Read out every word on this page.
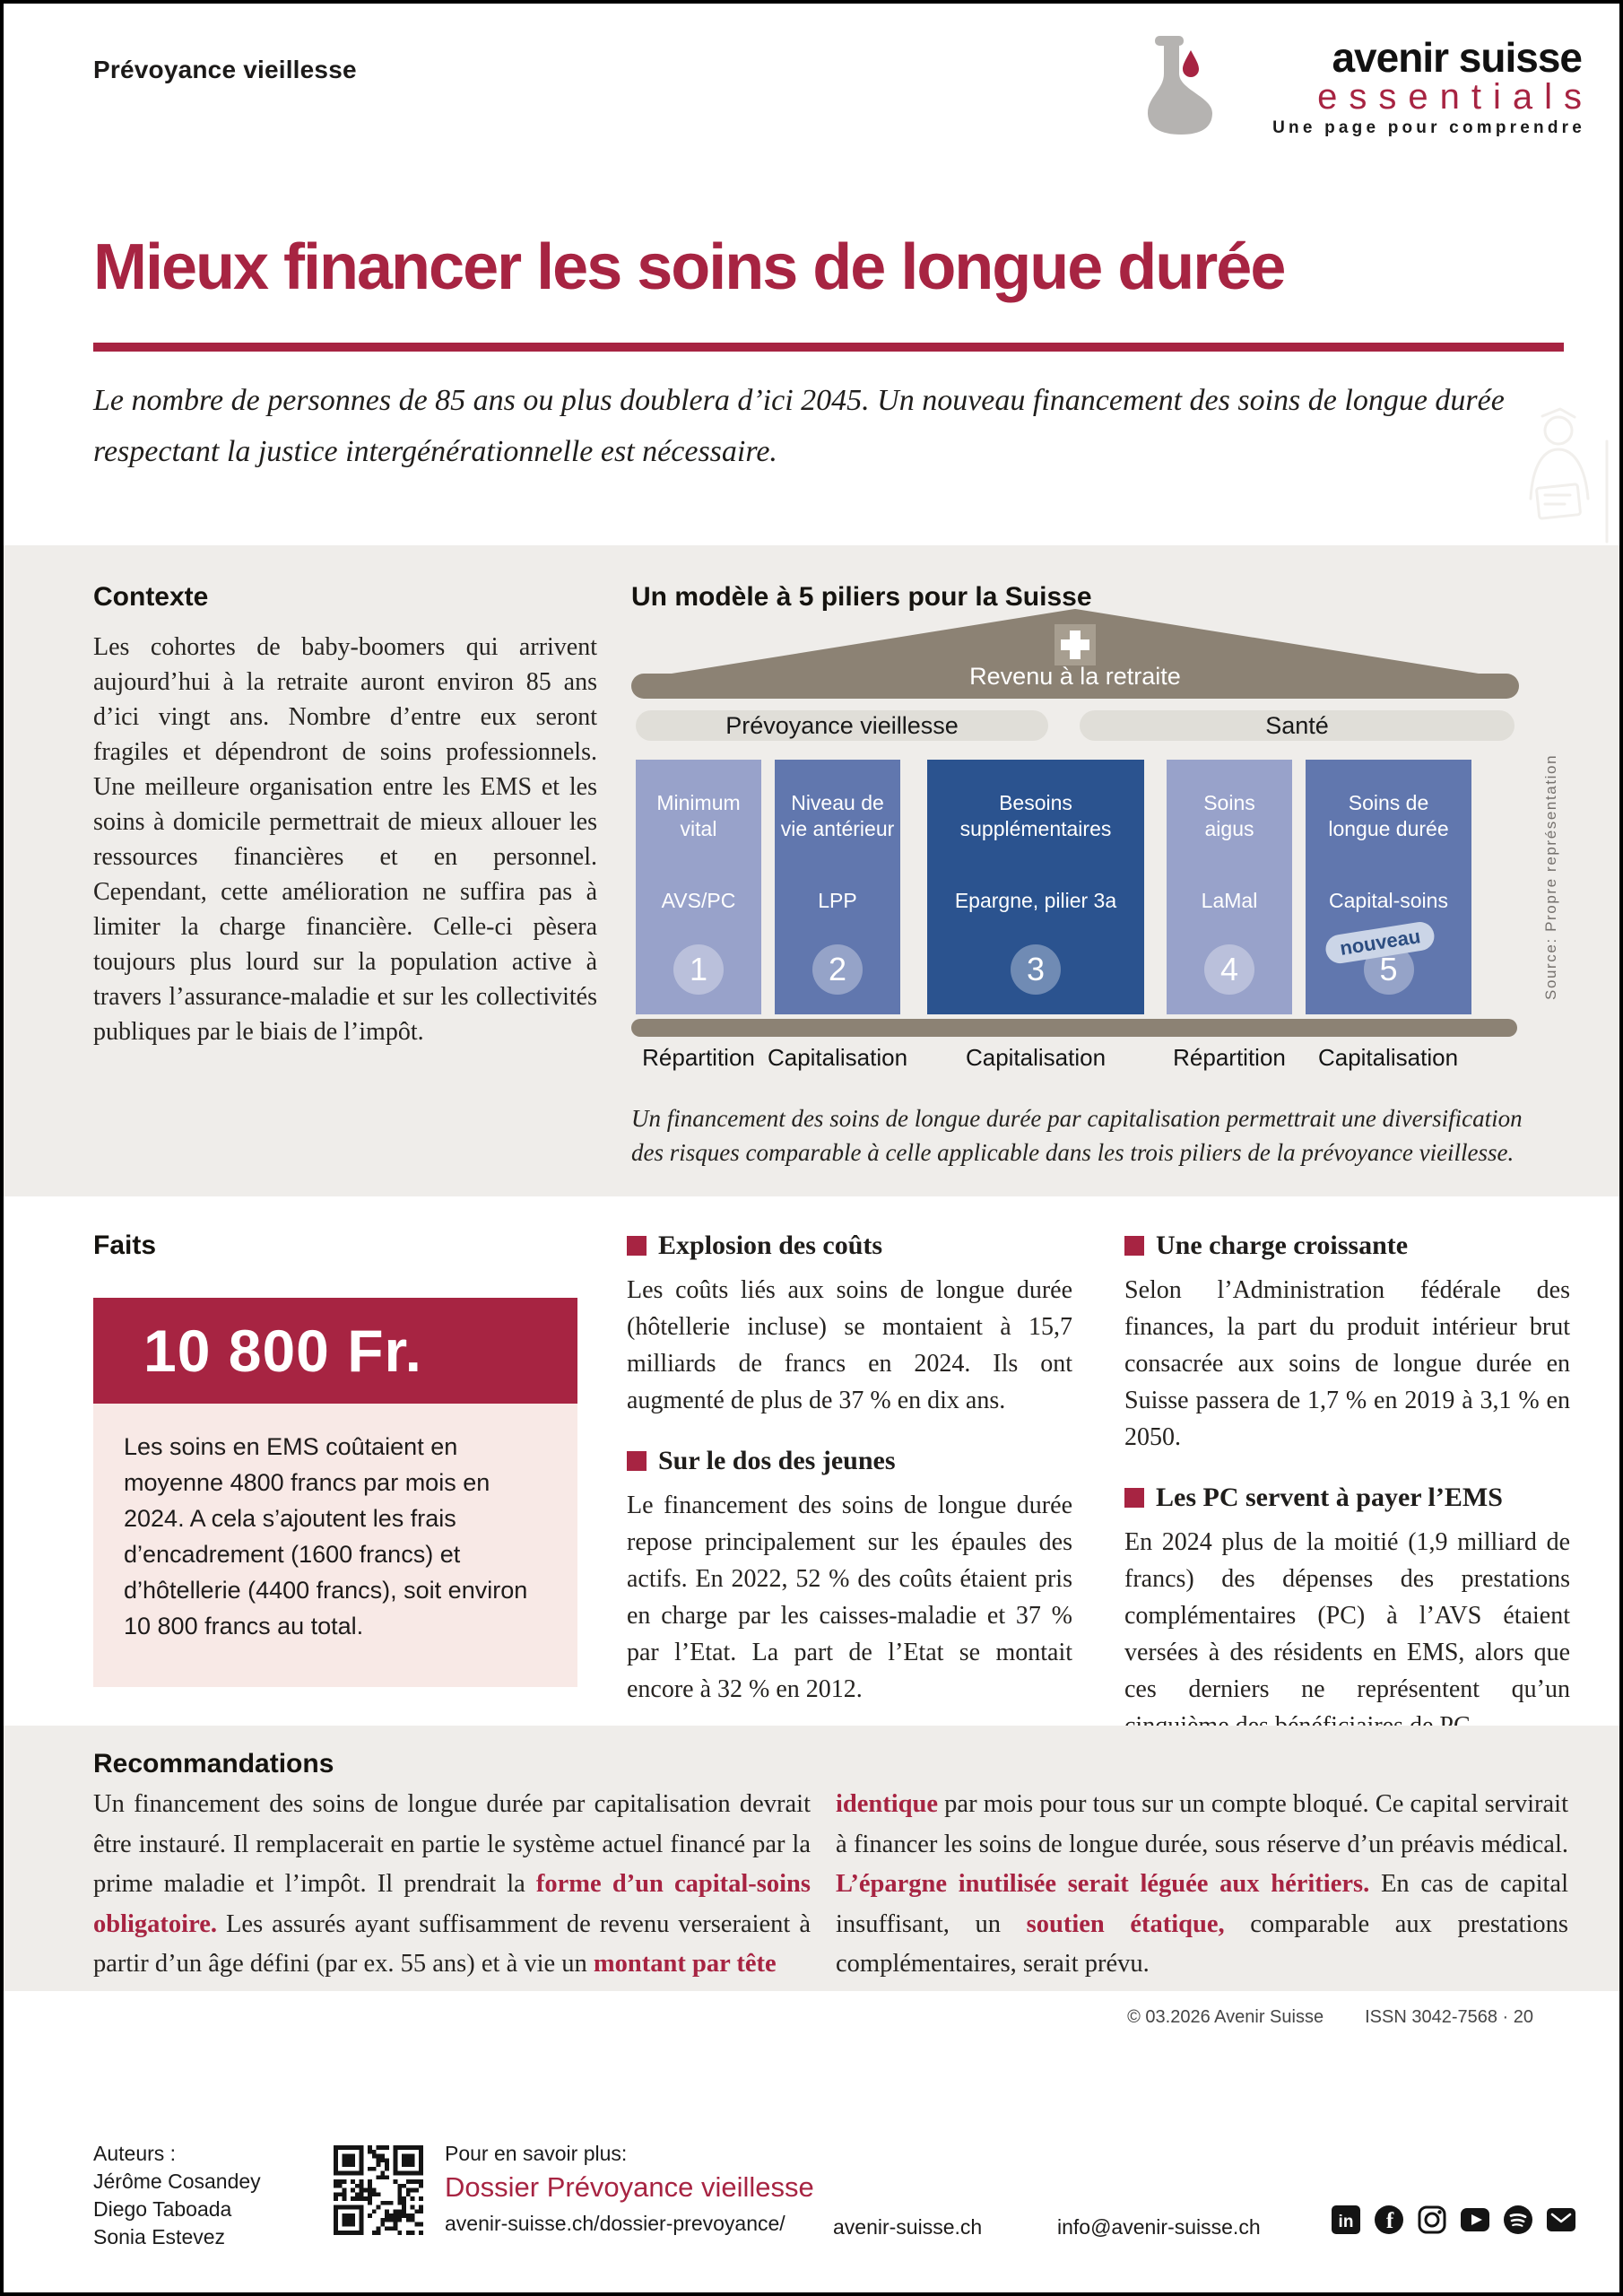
Prévoyance vieillesse	avenir suisse
essentials
Une page pour comprendre
Mieux financer les soins de longue durée

Le nombre de personnes de 85 ans ou plus doublera d’ici 2045. Un nouveau financement des soins de longue durée respectant la justice intergénérationnelle est nécessaire.

Contexte

Les cohortes de baby-boomers qui arrivent aujourd’hui à la retraite auront environ 85 ans d’ici vingt ans. Nombre d’entre eux seront fragiles et dépendront de soins professionnels. Une meilleure organisation entre les EMS et les soins à domicile permettrait de mieux allouer les ressources financières et en personnel. Cependant, cette amélioration ne suffira pas à limiter la charge financière. Celle-ci pèsera toujours plus lourd sur la population active à travers l’assurance-maladie et sur les collectivités publiques par le biais de l’impôt.

Un modèle à 5 piliers pour la Suisse
Revenu à la retraite
Prévoyance vieillesse	Santé
Minimum
vital
AVS/PC
1
Niveau de
vie antérieur
LPP
2
Besoins
supplémentaires
Epargne, pilier 3a
3
Soins
aigus
LaMal
4
Soins de
longue durée
Capital-soins
nouveau
5
Répartition Capitalisation	Capitalisation	Répartition	Capitalisation

Un financement des soins de longue durée par capitalisation permettrait une diversification des risques comparable à celle applicable dans les trois piliers de la prévoyance vieillesse.

Source: Propre représentation
Faits
10 800 Fr.

Les soins en EMS coûtaient en moyenne 4800 francs par mois en 2024. A cela s’ajoutent les frais d’encadrement (1600 francs) et d’hôtellerie (4400 francs), soit environ 10 800 francs au total.

Explosion des coûts

Les coûts liés aux soins de longue durée (hôtellerie incluse) se montaient à 15,7 milliards de francs en 2024. Ils ont augmenté de plus de 37 % en dix ans.

Sur le dos des jeunes

Le financement des soins de longue durée repose principalement sur les épaules des actifs. En 2022, 52 % des coûts étaient pris en charge par les caisses-maladie et 37 % par l’Etat. La part de l’Etat se montait encore à 32 % en 2012.

Une charge croissante

Selon l’Administration fédérale des finances, la part du produit intérieur brut consacrée aux soins de longue durée en Suisse passera de 1,7 % en 2019 à 3,1 % en 2050.

Les PC servent à payer l’EMS

En 2024 plus de la moitié (1,9 milliard de francs) des dépenses des prestations complémentaires (PC) à l’AVS étaient versées à des résidents en EMS, alors que ces derniers ne représentent qu’un

Recommandations

Un financement des soins de longue durée par capitalisation devrait être instauré. Il remplacerait en partie le système actuel financé par la prime maladie et l’impôt. Il prendrait la forme d’un capital-soins obligatoire. Les assurés ayant suffisamment de revenu verseraient à partir d’un âge défini (par ex. 55 ans) et à vie un montant par tête

identique par mois pour tous sur un compte bloqué. Ce capital servirait à financer les soins de longue durée, sous réserve d’un préavis médical. L’épargne inutilisée serait léguée aux héritiers. En cas de capital insuffisant, un soutien étatique, comparable aux prestations complémentaires, serait prévu.

© 03.2026 Avenir Suisse ISSN 3042-7568 · 20
Auteurs :
Jérôme Cosandey
Diego Taboada
Sonia Estevez
Pour en savoir plus:
Dossier Prévoyance vieillesse
avenir-suisse.ch/dossier-prevoyance/	avenir-suisse.ch	info@avenir-suisse.ch	in f
